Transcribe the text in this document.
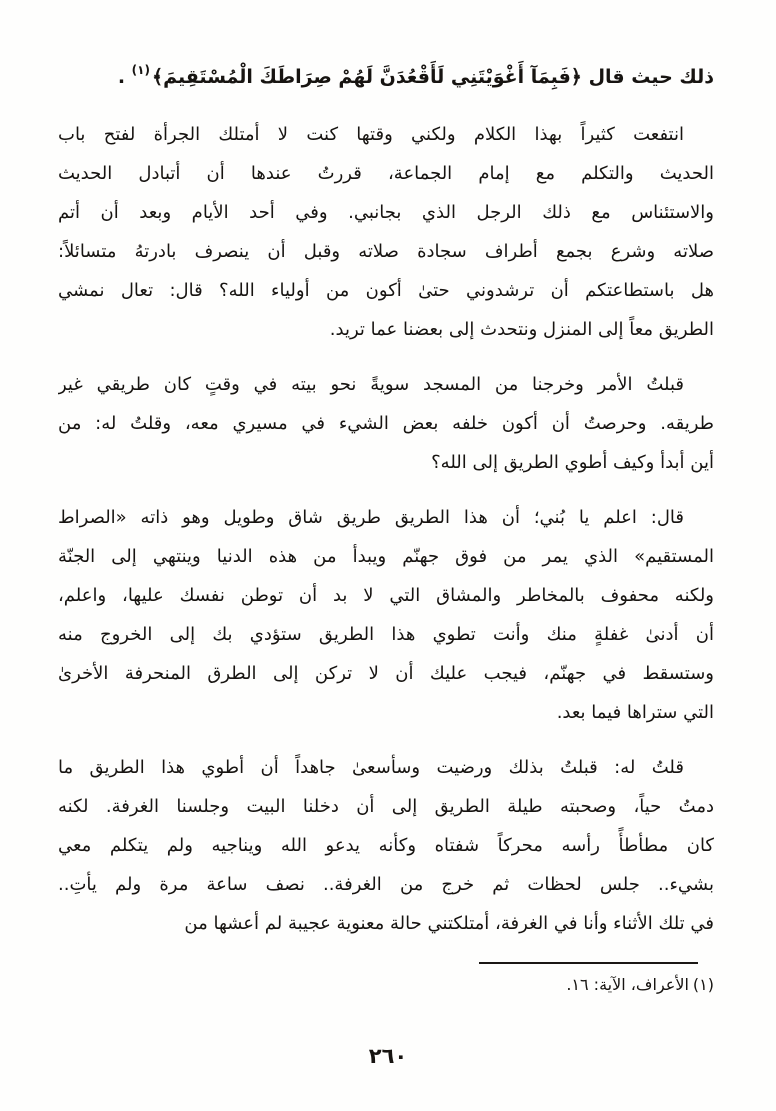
ذلك حيث قال ﴿فَبِمَآ أَغْوَيْتَنِي لَأَقْعُدَنَّ لَهُمْ صِرَاطَكَ الْمُسْتَقِيمَ﴾$^{(١)}$ .

انتفعت كثيراً بهذا الكلام ولكني وقتها كنت لا أمتلك الجرأة لفتح باب
الحديث والتكلم مع إمام الجماعة، قررتُ عندها أن أتبادل الحديث
والاستئناس مع ذلك الرجل الذي بجانبي. وفي أحد الأيام وبعد أن أتم
صلاته وشرع بجمع أطراف سجادة صلاته وقبل أن ينصرف بادرتهُ متسائلاً:
هل باستطاعتكم أن ترشدوني حتىٰ أكون من أولياء الله؟ قال: تعال نمشي
الطريق معاً إلى المنزل ونتحدث إلى بعضنا عما تريد.
قبلتُ الأمر وخرجنا من المسجد سويةً نحو بيته في وقتٍ كان طريقي غير
طريقه. وحرصتُ أن أكون خلفه بعض الشيء في مسيري معه، وقلتُ له: من
أين أبدأ وكيف أطوي الطريق إلى الله؟
قال: اعلم يا بُني؛ أن هذا الطريق طريق شاق وطويل وهو ذاته «الصراط
المستقيم» الذي يمر من فوق جهنّم ويبدأ من هذه الدنيا وينتهي إلى الجنّة
ولكنه محفوف بالمخاطر والمشاق التي لا بد أن توطن نفسك عليها، واعلم،
أن أدنىٰ غفلةٍ منك وأنت تطوي هذا الطريق ستؤدي بك إلى الخروج منه
وستسقط في جهنّم، فيجب عليك أن لا تركن إلى الطرق المنحرفة الأخرىٰ
التي ستراها فيما بعد.
قلتُ له: قبلتُ بذلك ورضيت وسأسعىٰ جاهداً أن أطوي هذا الطريق ما
دمتُ حياً، وصحبته طيلة الطريق إلى أن دخلنا البيت وجلسنا الغرفة. لكنه
كان مطأطأً رأسه محركاً شفتاه وكأنه يدعو الله ويناجيه ولم يتكلم معي
بشيء.. جلس لحظات ثم خرج من الغرفة.. نصف ساعة مرة ولم يأتِ..
في تلك الأثناء وأنا في الغرفة، أمتلكتني حالة معنوية عجيبة لم أعشها من
(١)الأعراف، الآية: ١٦.
٢٦٠
